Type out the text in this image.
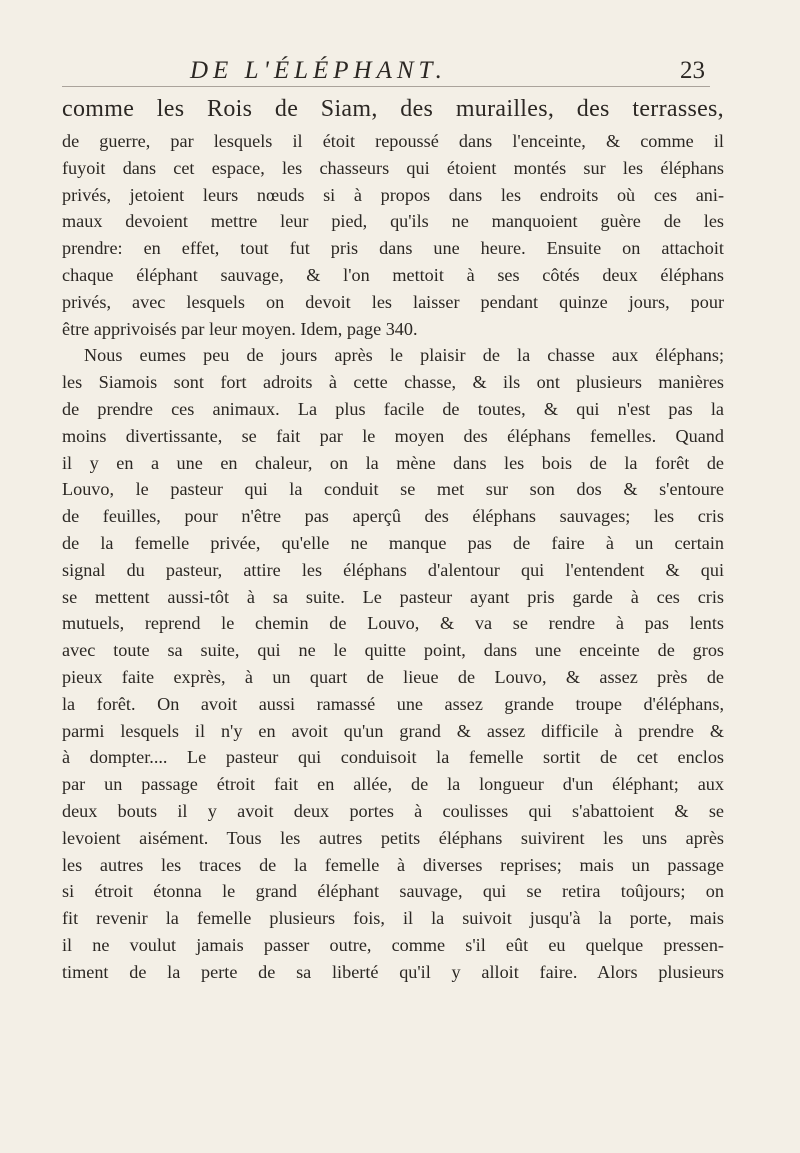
DE L'ÉLÉPHANT.	23
comme les Rois de Siam, des murailles, des terrasses,
de guerre, par lesquels il étoit repoussé dans l'enceinte, & comme il
fuyoit dans cet espace, les chasseurs qui étoient montés sur les éléphans
privés, jetoient leurs nœuds si à propos dans les endroits où ces ani-
maux devoient mettre leur pied, qu'ils ne manquoient guère de les
prendre: en effet, tout fut pris dans une heure. Ensuite on attachoit
chaque éléphant sauvage, & l'on mettoit à ses côtés deux éléphans
privés, avec lesquels on devoit les laisser pendant quinze jours, pour
être apprivoisés par leur moyen. Idem, page 340.
Nous eumes peu de jours après le plaisir de la chasse aux éléphans;
les Siamois sont fort adroits à cette chasse, & ils ont plusieurs manières
de prendre ces animaux. La plus facile de toutes, & qui n'est pas la
moins divertissante, se fait par le moyen des éléphans femelles. Quand
il y en a une en chaleur, on la mène dans les bois de la forêt de
Louvo, le pasteur qui la conduit se met sur son dos & s'entoure
de feuilles, pour n'être pas aperçû des éléphans sauvages; les cris
de la femelle privée, qu'elle ne manque pas de faire à un certain
signal du pasteur, attire les éléphans d'alentour qui l'entendent & qui
se mettent aussi-tôt à sa suite. Le pasteur ayant pris garde à ces cris
mutuels, reprend le chemin de Louvo, & va se rendre à pas lents
avec toute sa suite, qui ne le quitte point, dans une enceinte de gros
pieux faite exprès, à un quart de lieue de Louvo, & assez près de
la forêt. On avoit aussi ramassé une assez grande troupe d'éléphans,
parmi lesquels il n'y en avoit qu'un grand & assez difficile à prendre &
à dompter.... Le pasteur qui conduisoit la femelle sortit de cet enclos
par un passage étroit fait en allée, de la longueur d'un éléphant; aux
deux bouts il y avoit deux portes à coulisses qui s'abattoient & se
levoient aisément. Tous les autres petits éléphans suivirent les uns après
les autres les traces de la femelle à diverses reprises; mais un passage
si étroit étonna le grand éléphant sauvage, qui se retira toûjours; on
fit revenir la femelle plusieurs fois, il la suivoit jusqu'à la porte, mais
il ne voulut jamais passer outre, comme s'il eût eu quelque pressen-
timent de la perte de sa liberté qu'il y alloit faire. Alors plusieurs
